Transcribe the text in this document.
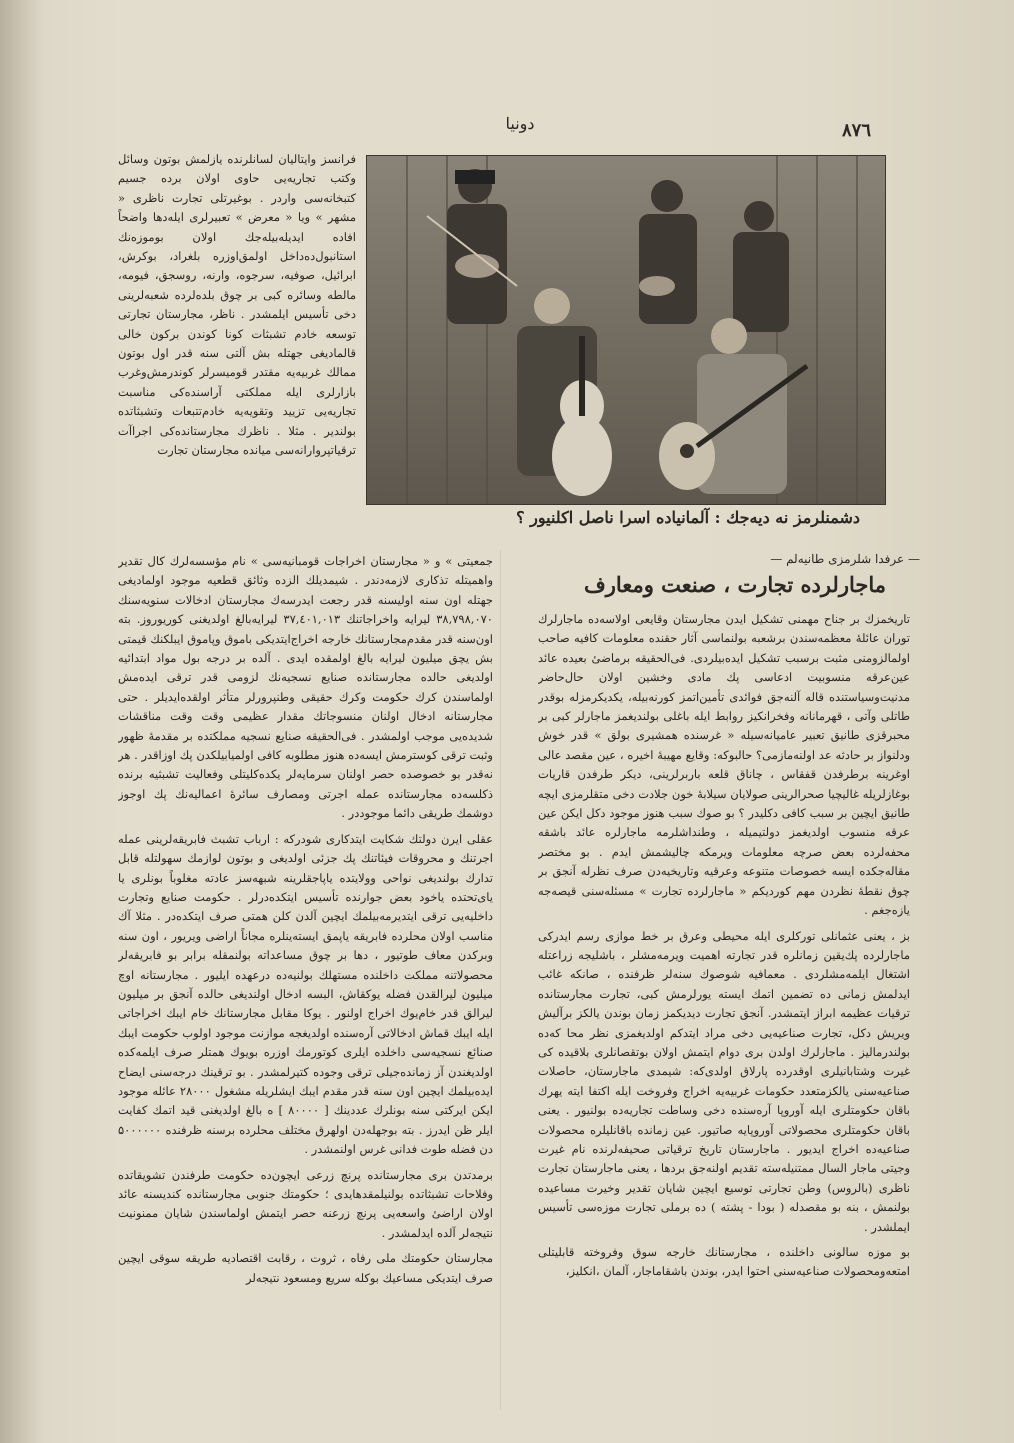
٨٧٦
دونیا
دشمنلرمز نه دیه‌جك : آلمانیاده اسرا ناصل اكلنیور ؟

فرانسز وایتالیان لسانلرنده یازلمش بوتون وسائل وكتب تجاریه‌یی حاوی اولان برده جسیم كتبخانه‌سی واردر . بوغیرتلی تجارت ناظری « مشهر » ویا « معرض » تعبیرلری ایله‌دها واضحاً افاده ایدیله‌بیله‌جك اولان بوموزه‌نك استانبول‌ده‌داخل اولمق‌اوزره بلغراد، بوكرش، ابرائیل، صوفیه، سرجوه، وارنه، روسجق، فیومه، مالطه وسائره كبی بر چوق بلده‌لرده شعبه‌لرینی دخی تأسیس ایلمشدر . ناظر، مجارستان تجارتی توسعه خادم تشبثات كونا كوندن بركون خالی قالمادیغی جهتله بش آلتی سنه قدر اول بوتون ممالك غربیه‌یه مقتدر قومیسرلر كوندرمش‌وغرب بازارلری ایله مملكتی آراسنده‌كی مناسبت تجاریه‌یی تزیید وتقویه‌یه خادم‌تتبعات وتشبثاتده بولندیر . مثلا . ناظرك مجارستانده‌كی اجراآت ترقیاتپروارانه‌سی میانده مجارستان تجارت

— عرفدا شلرمزی طانیه‌لم —
ماجارلرده تجارت ، صنعت ومعارف

تاریخمزك بر جناح مهمنی تشكیل ایدن مجارستان وقایعی اولاسه‌ده ماجارلرك توران عائله‌ٔ معظمه‌سندن برشعبه بولنماسی آثار حقنده معلومات كافیه صاحب اولمالزومنی مثبت برسبب تشكیل ایده‌بیلردی. فی‌الحقیقه برماضیٔ بعیده عائد عین‌عرقه منسوبیت ادعاسی پك مادی وخشین اولان حال‌حاضر مدنیت‌وسیاستنده قاله آلنه‌جق فوائدی تأمین‌اتمز كورنه‌بیله، یكدیكرمزله بوقدر طاتلی وآتی ، قهرمانانه وفخرانكیز روابط ایله باغلی بولندیغمز ماجارلر كبی بر محبرقزی طانیق تعبیر عامیانه‌سیله « غرسنده همشیری بولق » قدر خوش ودلنواز بر حادثه عد اولنه‌مازمی؟ حالبوكه: وقایع مهیبهٔ اخیره ، عین مقصد عالی اوغرینه برطرفدن قفقاس ، چاناق قلعه باربرلرینی، دیكر طرفدن قاریات بوغازلریله غالیچیا صحرالرینی صولایان سیلابهٔ خون جلادت دخی متقلرمزی ایچه طانیق ایچین بر سبب كافی دكلیدر ؟ بو صوك سبب هنوز موجود دكل ایكن عین عرقه منسوب اولدیغمز دولتیمیله ، وطنداشلرمه ماجارلره عائد باشقه محفه‌لرده بعض صرچه معلومات ویرمكه چالیشمش ایدم . بو مختصر مقاله‌جكده ایسه خصوصات متنوعه وعرقیه وتاریخیه‌دن صرف نظرله آنجق بر چوق نقطهٔ نظردن مهم كوردیكم « ماجارلرده تجارت » مسئله‌سنی قیصه‌جه یازه‌جغم .

بز ، یعنی عثمانلی توركلری ایله محیطی وعرق بر خط موازی رسم ایدركی ماجارلرده پك‌یقین زمانلره قدر تجارته اهمیت ویرمه‌مشلر ، باشلیجه زراعتله اشتغال ایلمه‌مشلردی . معمافیه شوصوك سنه‌لر ظرفنده ، صانكه غائب ایدلمش زمانی ده تضمین اتمك ایسته یورلرمش كبی، تجارت مجارستانده ترقیات عظیمه ابراز ایتمشدر. آنجق تجارت دیدیكمز زمان بوندن یالكز برآلیش ویریش دكل، تجارت صناعیه‌یی دخی مراد ایتدكم اولدیغمزی نظر محا كه‌ده بولندرمالیز . ماجارلرك اولدن بری دوام ایتمش اولان بوتقصانلری بلاقیده كی غیرت وشتابانیلری اوقدرده پارلاق اولدی‌كه: شیمدی ماجارستان، حاصلات صناعیه‌سنی یالكزمتعدد حكومات غربیه‌یه اخراج وفروخت ایله اكتفا ایته یهرك باقان حكومتلری ایله آوروپا آره‌سنده دخی وساطت تجاریه‌ده بولنیور . یعنی باقان حكومتلری محصولاتی آوروپایه صاتیور. عین زمانده باقانلیلره محصولات صناعیه‌ده اخراج ایدیور . ماجارستان تاریخ ترقیاتی صحیفه‌لرنده نام غیرت وجیتی ماجار السال ممتنیله‌سته تقدیم اولنه‌جق بردها ، یعنی ماجارستان تجارت ناظری (بالروس) وطن تجارتی توسیع ایچین شایان تقدیر وخیرت مساعیده بولنمش ، بنه بو مقصدله ( بودا - پشته ) ده برملی تجارت موزه‌سی تأسیس ایملشدر .

بو موزه سالونی داخلنده ، مجارستانك خارجه سوق وفروخته قابلیتلی امتعه‌ومحصولات صناعیه‌سنی احتوا ایدر، بوندن باشقاماجار، آلمان ،انكلیز،

جمعیتی » و « مجارستان اخراجات قومبانیه‌سی » نام مؤسسه‌لرك كال تقدیر واهمیتله تذكاری لازمه‌دندر . شیمدیلك الزده وثائق قطعیه موجود اولمادیغی جهتله اون سنه اولیسنه قدر رجعت ایدرسه‌ك مجارستان ادخالات سنویه‌سنك ٣٨,٧٩٨,٠٧٠ لیرایه واخراجاتنك ٣٧,٤٠١,٠١٣ لیرایه‌بالغ اولدیغنی كوریوروز. بته اون‌سنه قدر مقدم‌مجارستانك خارجه اخراج‌ایتدیكی باموق وپاموق ایبلكنك قیمتی بش یچق میلیون لیرایه بالغ اولمقده ایدی . آلده بر درجه بول مواد ابتدائیه اولدیغی حالده مجارستانده صنایع نسجیه‌نك لزومی قدر ترقی ایده‌مش اولماسندن كرك حكومت وكرك حقیقی وطنپرورلر متأثر اولقده‌ایدیلر . حتی مجارستانه ادخال اولنان منسوجاتك مقدار عظیمی وقت وقت مناقشات شدیده‌یی موجب اولمشدر . فی‌الحقیقه صنایع نسجیه مملكتده بر مقدمهٔ ظهور وثبت ترقی كوسترمش ایسه‌ده هنوز مطلوبه كافی اولمیابیلكدن پك اوزاقدر . هر نه‌قدر بو خصوصده حصر اولنان سرمایه‌لر یكده‌كلیتلی وفعالیت تشبثیه برنده ذكلسه‌ده مجارستانده عمله اجرتی ومصارف سائرهٔ اعمالیه‌نك پك اوجوز دوشمك طریقی دائما موجوددر .

عقلی ایرن دولتك شكایت ایتدكاری شودركه : ارباب تشبث فابریقه‌لرینی عمله اجرتنك و محروقات فیئاتنك پك جزئی اولدیغی و بوتون لوازمك سهولتله قابل تدارك بولندیغی نواحی وولایتده یاپاجقلرینه شبهه‌سز عادته مغلوباً بونلری یا یای‌تحتده یاخود بعض جوارنده تأسیس ایتكده‌درلر . حكومت صنایع وتجارت داخلیه‌یی ترقی ایتدیرمه‌بیلمك ایچین آلدن كلن همتی صرف ایتكده‌در . مثلا آك مناسب اولان محلرده فابریقه یاپمق ایسته‌ینلره مجاناً اراضی ویریور ، اون سنه وبركدن معاف طوتیور ، دها بر چوق مساعداته بولنمقله برابر بو فابریقه‌لر محصولاتنه مملكت داخلنده مستهلك بولنیه‌ده درعهده ایلیور . مجارستانه اوچ میلیون لیرالقدن فضله یوكقاش، البسه ادخال اولندیغی حالده آنجق بر میلیون لیرالق قدر خام‌یوك اخراج اولنور . یوكا مقابل مجارستانك خام ایبك اخراجاتی ایله ایبك قماش ادخالاتی آره‌سنده اولدیغجه موازنت موجود اولوب حكومت ایبك صنائع نسجیه‌سی داخلده ایلری كوتورمك اوزره بویوك همتلر صرف ایلمه‌كده اولدیغندن آز زمانده‌جیلی ترقی وجوده كتیرلمشدر . بو ترقینك درجه‌سنی ایضاح ایده‌بیلمك ایچین اون سنه قدر مقدم ایبك ایشلریله مشغول ۲۸۰۰۰ عائله موجود ایكن ایركتی سنه بونلرك عددینك [ ۸۰۰۰۰ ] ه بالغ اولدیغنی قید اتمك كفایت ایلر ظن ایدرز . بته بوجهله‌دن اولهرق مختلف محلرده برسنه ظرفنده ۵۰۰۰۰۰۰ دن فضله طوت فدانی غرس اولنمشدر .

برمدتدن بری مجارستانده پرنچ زرعی ایچون‌ده حكومت طرفندن تشویقاتده وفلاحات تشبثاتده بولنیلمقدهایدی ؛ حكومتك جنوبی مجارستانده كندیسنه عائد اولان اراضیٔ واسعه‌یی پرنچ زرعنه حصر ایتمش اولماسندن شایان ممنونیت نتیجه‌لر آلده ایدلمشدر .

مجارستان حكومتك ملی رفاه ، ثروت ، رقابت اقتصادیه طریقه سوقی ایچین صرف ایتدیكی مساعیك بوكله سریع ومسعود نتیجه‌لر
